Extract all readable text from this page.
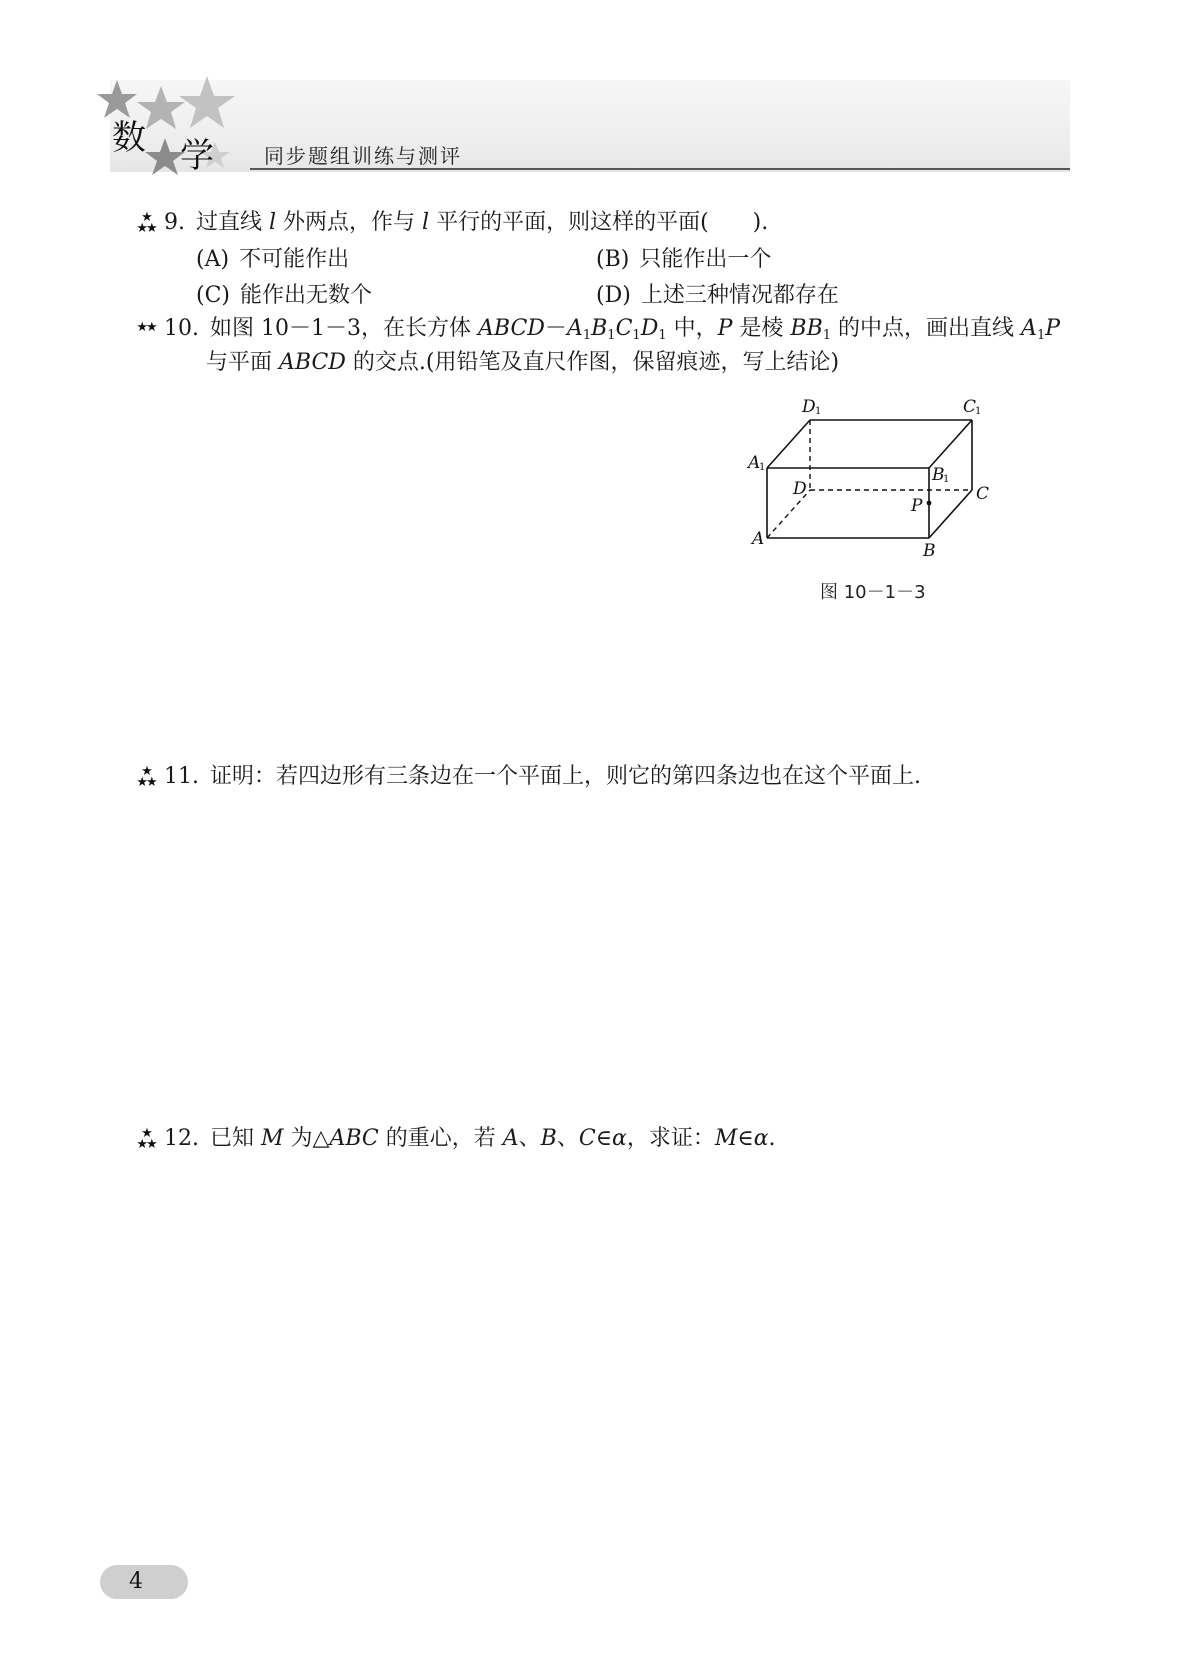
数 学	同步题组训练与测评
★
★★ 9. 过直线 l 外两点，作与 l 平行的平面，则这样的平面(　　).
(A) 不可能作出	(B) 只能作出一个
(C) 能作出无数个	(D) 上述三种情况都存在
★★ 10. 如图 10－1－3，在长方体 $ABCD-A_1B_1C_1D_1$ 中，P 是棱 $BB_1$ 的中点，画出直线 $A_1P$
与平面 ABCD 的交点.(用铅笔及直尺作图，保留痕迹，写上结论)
D 1	C
1
A
1	B
1
D	C
P
A
B
图 10－1－3
★
★★ 11. 证明：若四边形有三条边在一个平面上，则它的第四条边也在这个平面上.
★
★★ 12. 已知 M 为△ABC 的重心，若 A、B、C∈α，求证：M∈α.
4
